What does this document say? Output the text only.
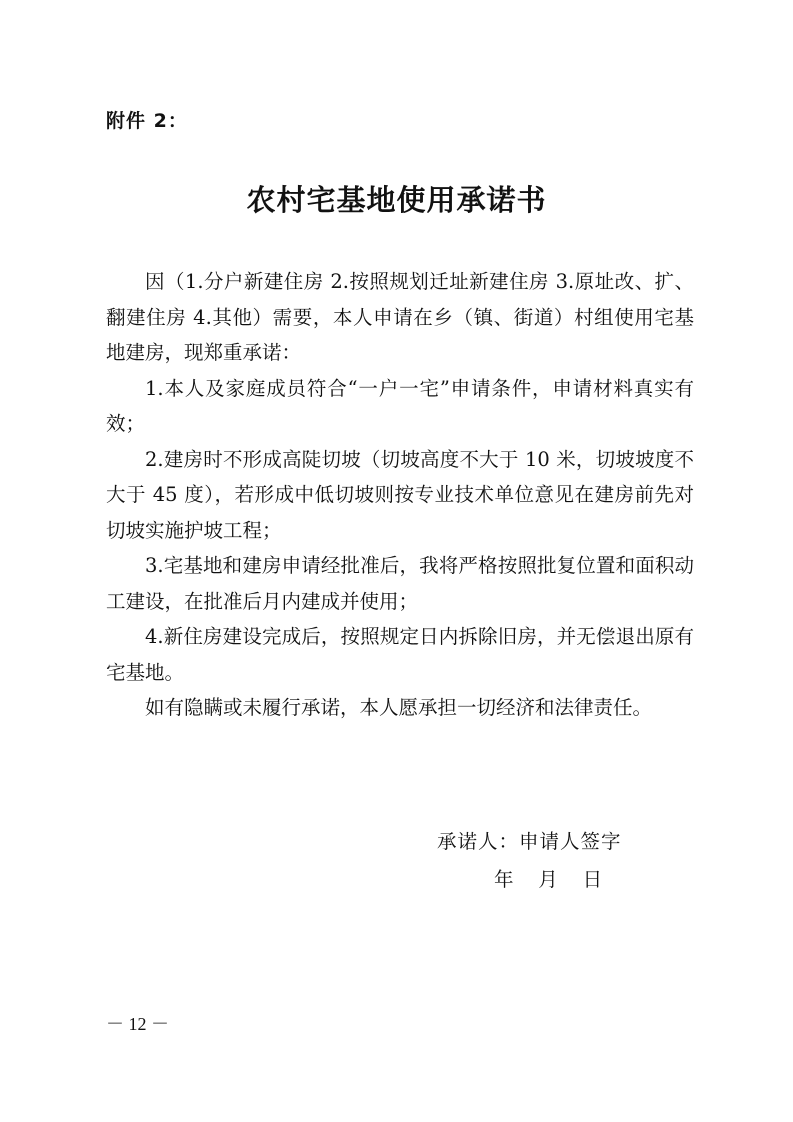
附件 2：
农村宅基地使用承诺书

因（1.分户新建住房 2.按照规划迁址新建住房 3.原址改、扩、翻建住房 4.其他）需要，本人申请在乡（镇、街道）村组使用宅基地建房，现郑重承诺：

1.本人及家庭成员符合“一户一宅”申请条件，申请材料真实有效；

2.建房时不形成高陡切坡（切坡高度不大于 10 米，切坡坡度不大于 45 度），若形成中低切坡则按专业技术单位意见在建房前先对切坡实施护坡工程；

3.宅基地和建房申请经批准后，我将严格按照批复位置和面积动工建设，在批准后月内建成并使用；

4.新住房建设完成后，按照规定日内拆除旧房，并无偿退出原有宅基地。

如有隐瞒或未履行承诺，本人愿承担一切经济和法律责任。

承诺人：申请人签字
年    月    日
－ 12 －
